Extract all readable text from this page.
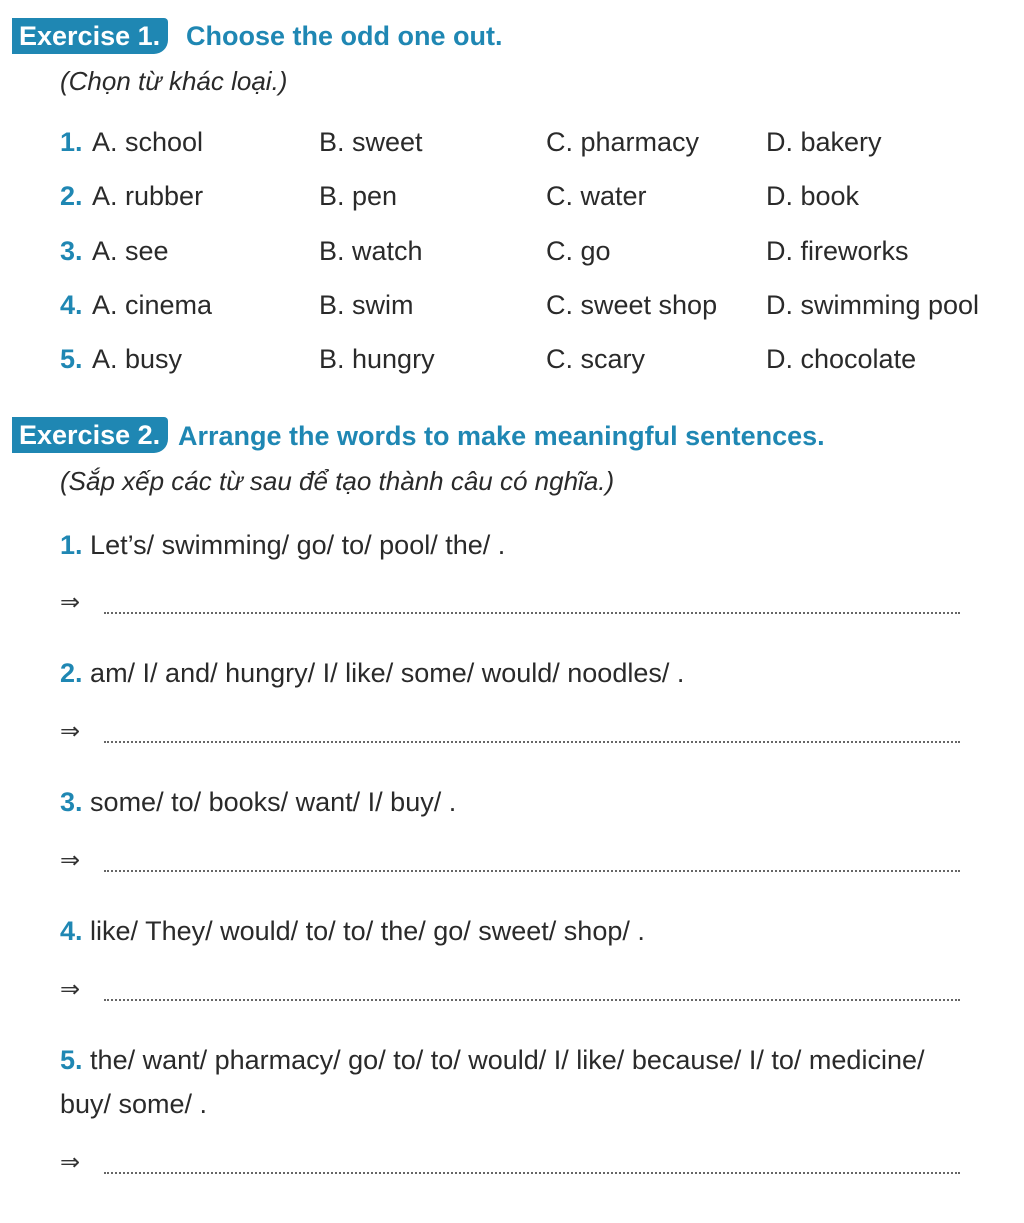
Exercise 1. Choose the odd one out.
(Chọn từ khác loại.)
1. A. school	B. sweet	C. pharmacy D. bakery
2. A. rubber	B. pen	C. water	D. book
3. A. see	B. watch	C. go	D. fireworks
4. A. cinema	B. swim	C. sweet shop D. swimming pool
5. A. busy	B. hungry	C. scary	D. chocolate
Exercise 2. Arrange the words to make meaningful sentences.
(Sắp xếp các từ sau để tạo thành câu có nghĩa.)
1. Let’s/ swimming/ go/ to/ pool/ the/ .
⇒
2. am/ I/ and/ hungry/ I/ like/ some/ would/ noodles/ .
⇒
3. some/ to/ books/ want/ I/ buy/ .
⇒
4. like/ They/ would/ to/ to/ the/ go/ sweet/ shop/ .
⇒
5. the/ want/ pharmacy/ go/ to/ to/ would/ I/ like/ because/ I/ to/ medicine/ buy/ some/ .
⇒
